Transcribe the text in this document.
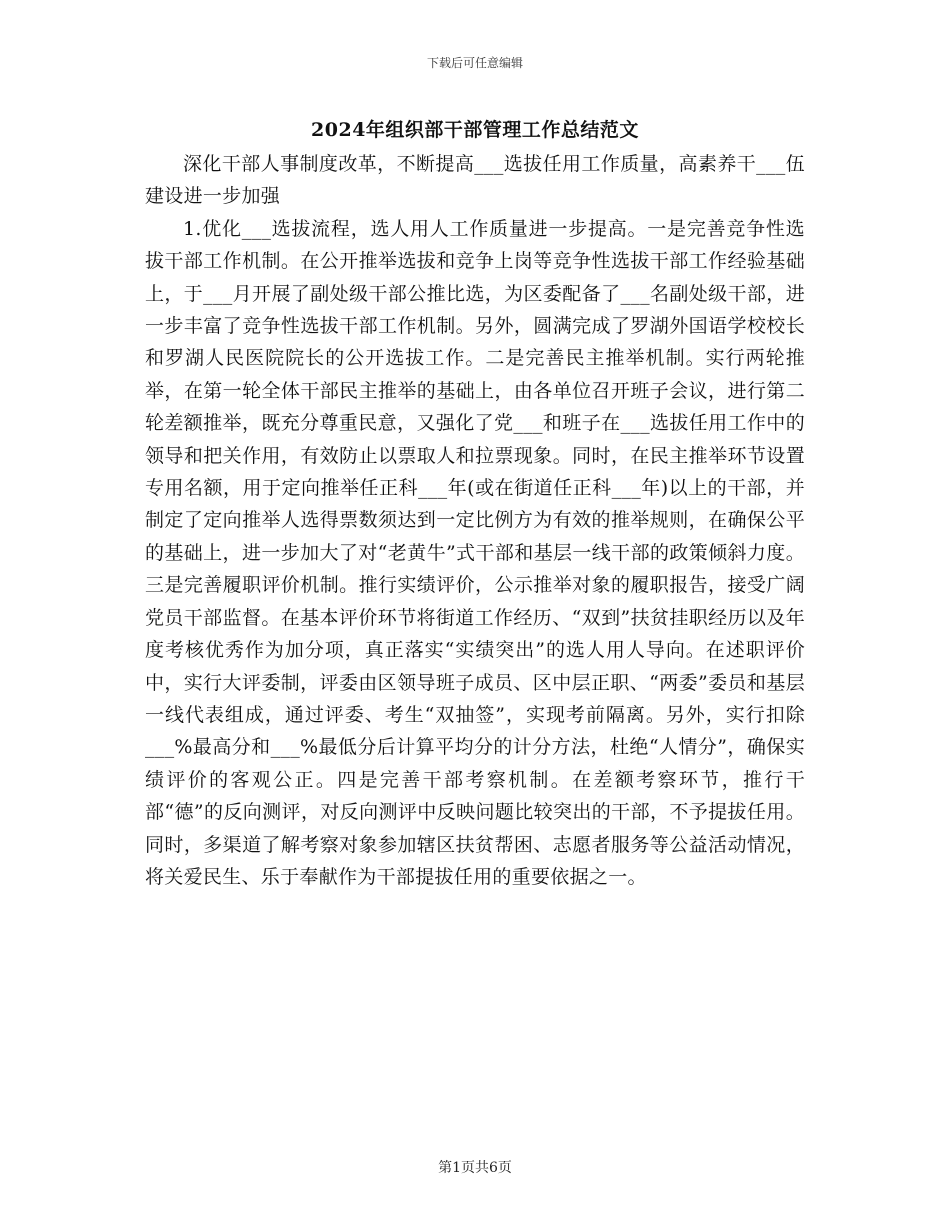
下载后可任意编辑
2024年组织部干部管理工作总结范文

深化干部人事制度改革，不断提高___选拔任用工作质量，高素养干___伍建设进一步加强

1.优化___选拔流程，选人用人工作质量进一步提高。一是完善竞争性选拔干部工作机制。在公开推举选拔和竞争上岗等竞争性选拔干部工作经验基础上，于___月开展了副处级干部公推比选，为区委配备了___名副处级干部，进一步丰富了竞争性选拔干部工作机制。另外，圆满完成了罗湖外国语学校校长和罗湖人民医院院长的公开选拔工作。二是完善民主推举机制。实行两轮推举，在第一轮全体干部民主推举的基础上，由各单位召开班子会议，进行第二轮差额推举，既充分尊重民意，又强化了党___和班子在___选拔任用工作中的领导和把关作用，有效防止以票取人和拉票现象。同时，在民主推举环节设置专用名额，用于定向推举任正科___年(或在街道任正科___年)以上的干部，并制定了定向推举人选得票数须达到一定比例方为有效的推举规则，在确保公平的基础上，进一步加大了对“老黄牛”式干部和基层一线干部的政策倾斜力度。三是完善履职评价机制。推行实绩评价，公示推举对象的履职报告，接受广阔党员干部监督。在基本评价环节将街道工作经历、“双到”扶贫挂职经历以及年度考核优秀作为加分项，真正落实“实绩突出”的选人用人导向。在述职评价中，实行大评委制，评委由区领导班子成员、区中层正职、“两委”委员和基层一线代表组成，通过评委、考生“双抽签”，实现考前隔离。另外，实行扣除___%最高分和___%最低分后计算平均分的计分方法，杜绝“人情分”，确保实绩评价的客观公正。四是完善干部考察机制。在差额考察环节，推行干部“德”的反向测评，对反向测评中反映问题比较突出的干部，不予提拔任用。同时，多渠道了解考察对象参加辖区扶贫帮困、志愿者服务等公益活动情况，将关爱民生、乐于奉献作为干部提拔任用的重要依据之一。

第1页共6页
